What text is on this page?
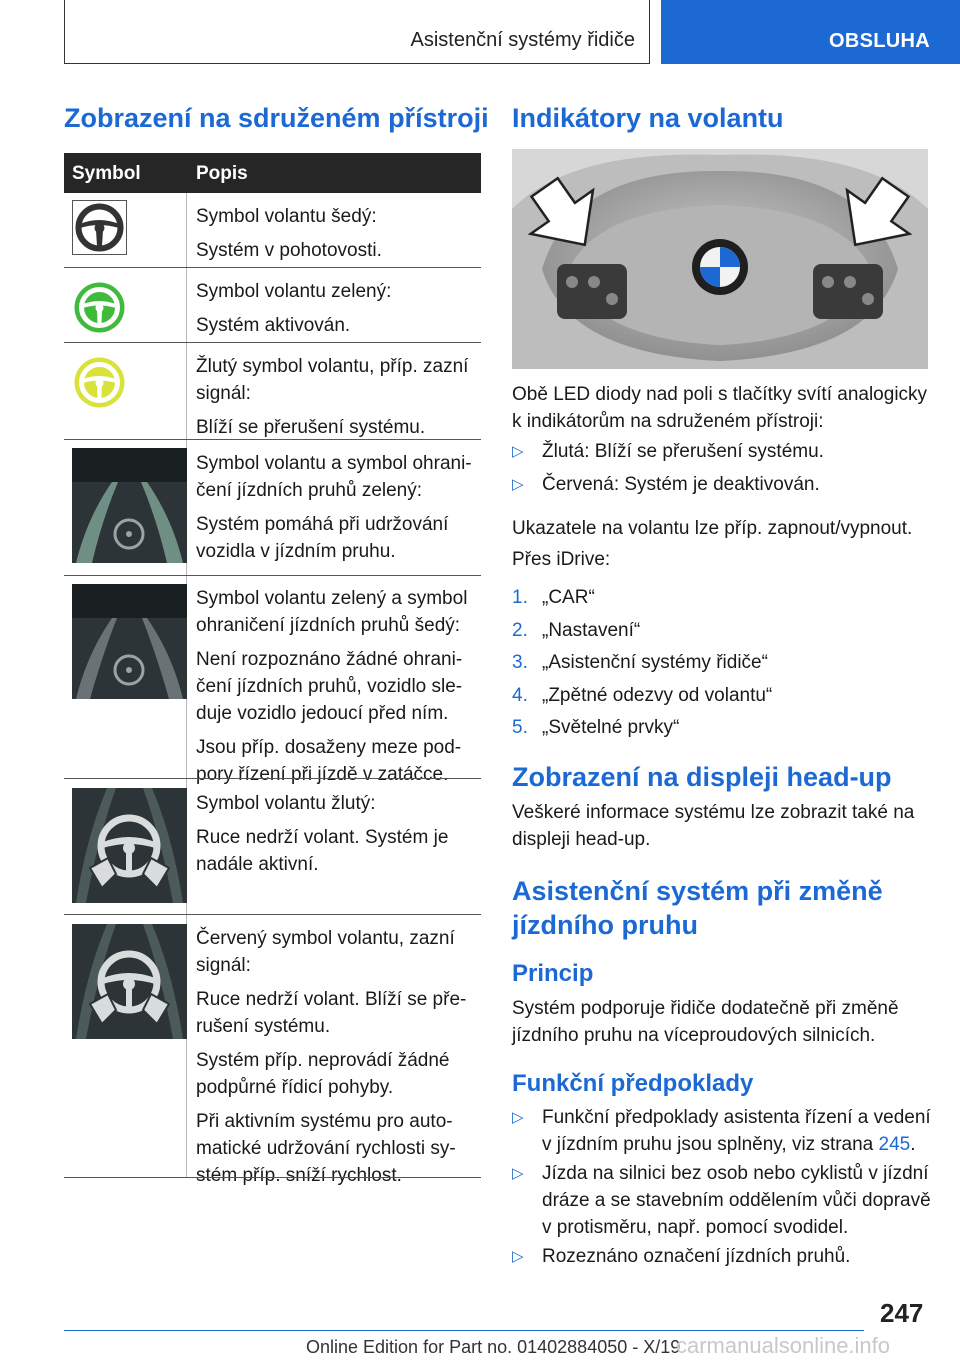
Asistenční systémy řidiče	OBSLUHA
Zobrazení na sdruženém přístroji
Symbol	Popis

Symbol volantu šedý:

Systém v pohotovosti.

Symbol volantu zelený:

Systém aktivován.

Žlutý symbol volantu, příp. zazní signál:

Blíží se přerušení systému.

Symbol volantu a symbol ohrani-čení jízdních pruhů zelený:

Systém pomáhá při udržování vozidla v jízdním pruhu.

Symbol volantu zelený a symbol ohraničení jízdních pruhů šedý:

Není rozpoznáno žádné ohrani-čení jízdních pruhů, vozidlo sle-duje vozidlo jedoucí před ním.

Jsou příp. dosaženy meze pod-pory řízení při jízdě v zatáčce.

Symbol volantu žlutý:

Ruce nedrží volant. Systém je nadále aktivní.

Červený symbol volantu, zazní signál:

Ruce nedrží volant. Blíží se pře-rušení systému.

Systém příp. neprovádí žádné podpůrné řídicí pohyby.

Při aktivním systému pro auto-matické udržování rychlosti sy-stém příp. sníží rychlost.

Indikátory na volantu

Obě LED diody nad poli s tlačítky svítí analogicky k indikátorům na sdruženém přístroji:

▷ Žlutá: Blíží se přerušení systému.
▷ Červená: Systém je deaktivován.

Ukazatele na volantu lze příp. zapnout/vypnout.

Přes iDrive:

1. „CAR“
2. „Nastavení“
3. „Asistenční systémy řidiče“
4. „Zpětné odezvy od volantu“
5. „Světelné prvky“
Zobrazení na displeji head-up

Veškeré informace systému lze zobrazit také na displeji head-up.

Asistenční systém při změně
jízdního pruhu
Princip

Systém podporuje řidiče dodatečně při změně jízdního pruhu na víceproudových silnicích.

Funkční předpoklady
▷ Funkční předpoklady asistenta řízení a vedení v jízdním pruhu jsou splněny, viz strana 245.
▷ Jízda na silnici bez osob nebo cyklistů v jízdní dráze a se stavebním oddělením vůči dopravě v protisměru, např. pomocí svodidel.
▷ Rozeznáno označení jízdních pruhů.
247
Online Edition for Part no. 01402884050 - X/19
carmanualsonline.info
